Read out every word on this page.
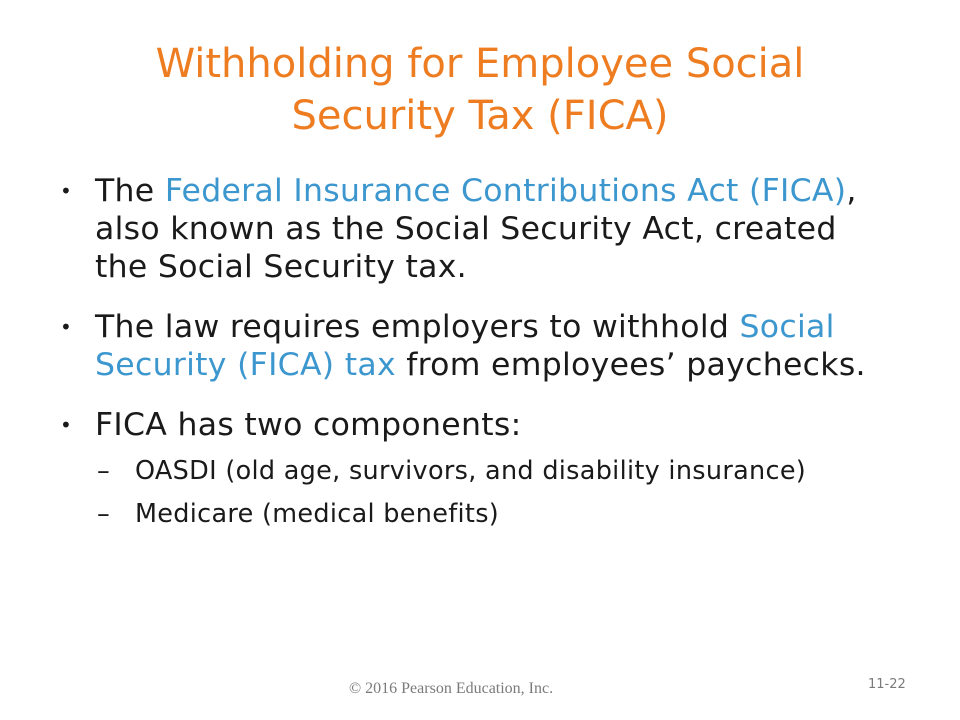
Withholding for Employee Social
Security Tax (FICA)
• The Federal Insurance Contributions Act (FICA), also known as the Social Security Act, created the Social Security tax.
• The law requires employers to withhold Social Security (FICA) tax from employees’ paychecks.
• FICA has two components:
– OASDI (old age, survivors, and disability insurance)
– Medicare (medical benefits)
© 2016 Pearson Education, Inc.	11-22
